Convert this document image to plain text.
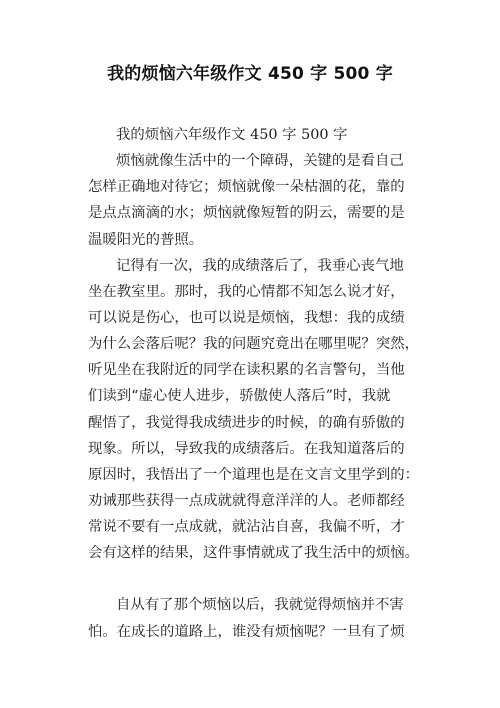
我的烦恼六年级作文 450 字 500 字
我的烦恼六年级作文 450 字 500 字
烦恼就像生活中的一个障碍，关键的是看自己
怎样正确地对待它；烦恼就像一朵枯涸的花，靠的
是点点滴滴的水；烦恼就像短暂的阴云，需要的是
温暖阳光的普照。
记得有一次，我的成绩落后了，我垂心丧气地
坐在教室里。那时，我的心情都不知怎么说才好，
可以说是伤心，也可以说是烦恼，我想：我的成绩
为什么会落后呢？我的问题究竟出在哪里呢？突然，
听见坐在我附近的同学在读积累的名言警句，当他
们读到“虚心使人进步，骄傲使人落后”时，我就
醒悟了，我觉得我成绩进步的时候，的确有骄傲的
现象。所以，导致我的成绩落后。在我知道落后的
原因时，我悟出了一个道理也是在文言文里学到的：
劝诫那些获得一点成就就得意洋洋的人。老师都经
常说不要有一点成就，就沾沾自喜，我偏不听，才
会有这样的结果，这件事情就成了我生活中的烦恼。
自从有了那个烦恼以后，我就觉得烦恼并不害
怕。在成长的道路上，谁没有烦恼呢？一旦有了烦
